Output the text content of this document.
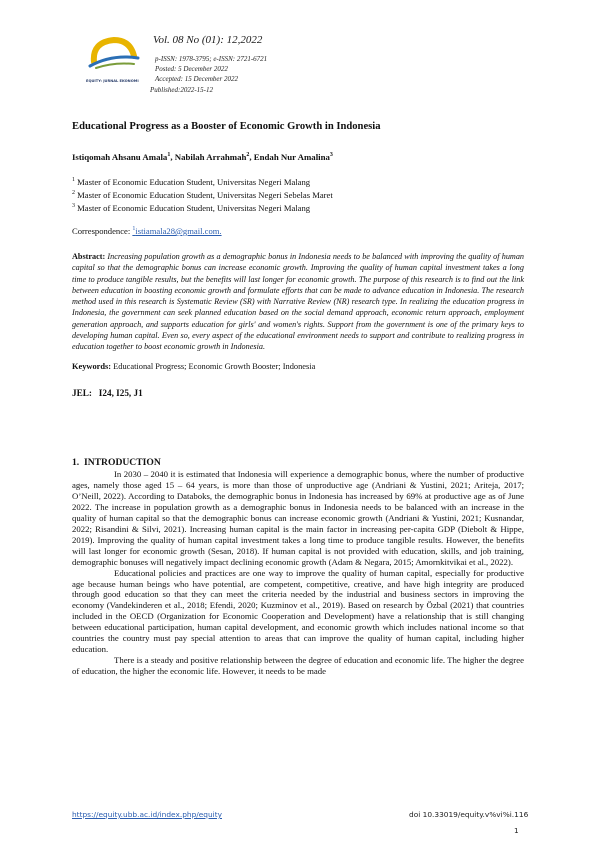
EQUITY: JURNAL EKONOMI
Vol. 08 No (01): 12,2022
p-ISSN: 1978-3795; e-ISSN: 2721-6721
Posted: 5 December 2022
Accepted: 15 December 2022
Published:2022-15-12
Educational Progress as a Booster of Economic Growth in Indonesia
Istiqomah Ahsanu Amala$^1$, Nabilah Arrahmah$^2$, Endah Nur Amalina$^3$
$^1$ Master of Economic Education Student, Universitas Negeri Malang
$^2$ Master of Economic Education Student, Universitas Negeri Sebelas Maret
$^3$ Master of Economic Education Student, Universitas Negeri Malang
Correspondence: $^1$istiamala28@gmail.com.
Abstract: Increasing population growth as a demographic bonus in Indonesia needs to be balanced with improving the quality of human capital so that the demographic bonus can increase economic growth. Improving the quality of human capital investment takes a long time to produce tangible results, but the benefits will last longer for economic growth. The purpose of this research is to find out the link between education in boosting economic growth and formulate efforts that can be made to advance education in Indonesia. The research method used in this research is Systematic Review (SR) with Narrative Review (NR) research type. In realizing the education progress in Indonesia, the government can seek planned education based on the social demand approach, economic return approach, employment generation approach, and supports education for girls' and women's rights. Support from the government is one of the primary keys to developing human capital. Even so, every aspect of the educational environment needs to support and contribute to realizing progress in education together to boost economic growth in Indonesia.
Keywords: Educational Progress; Economic Growth Booster; Indonesia
JEL:   I24, I25, J1
1.  INTRODUCTION

In 2030 – 2040 it is estimated that Indonesia will experience a demographic bonus, where the number of productive ages, namely those aged 15 – 64 years, is more than those of unproductive age (Andriani & Yustini, 2021; Ariteja, 2017; O’Neill, 2022). According to Databoks, the demographic bonus in Indonesia has increased by 69% at productive age as of June 2022. The increase in population growth as a demographic bonus in Indonesia needs to be balanced with an increase in the quality of human capital so that the demographic bonus can increase economic growth (Andriani & Yustini, 2021; Kusnandar, 2022; Risandini & Silvi, 2021). Increasing human capital is the main factor in increasing per-capita GDP (Diebolt & Hippe, 2019). Improving the quality of human capital investment takes a long time to produce tangible results. However, the benefits will last longer for economic growth (Sesan, 2018). If human capital is not provided with education, skills, and job training, demographic bonuses will negatively impact declining economic growth (Adam & Negara, 2015; Amornkitvikai et al., 2022).

Educational policies and practices are one way to improve the quality of human capital, especially for productive age because human beings who have potential, are competent, competitive, creative, and have high integrity are produced through good education so that they can meet the criteria needed by the industrial and business sectors in improving the economy (Vandekinderen et al., 2018; Efendi, 2020; Kuzminov et al., 2019). Based on research by Özbal (2021) that countries included in the OECD (Organization for Economic Cooperation and Development) have a relationship that is still changing between educational participation, human capital development, and economic growth which includes national income so that countries the country must pay special attention to areas that can improve the quality of human capital, including higher education.

There is a steady and positive relationship between the degree of education and economic life. The higher the degree of education, the higher the economic life. However, it needs to be made

https://equity.ubb.ac.id/index.php/equity	doi 10.33019/equity.v%vi%i.116
1
